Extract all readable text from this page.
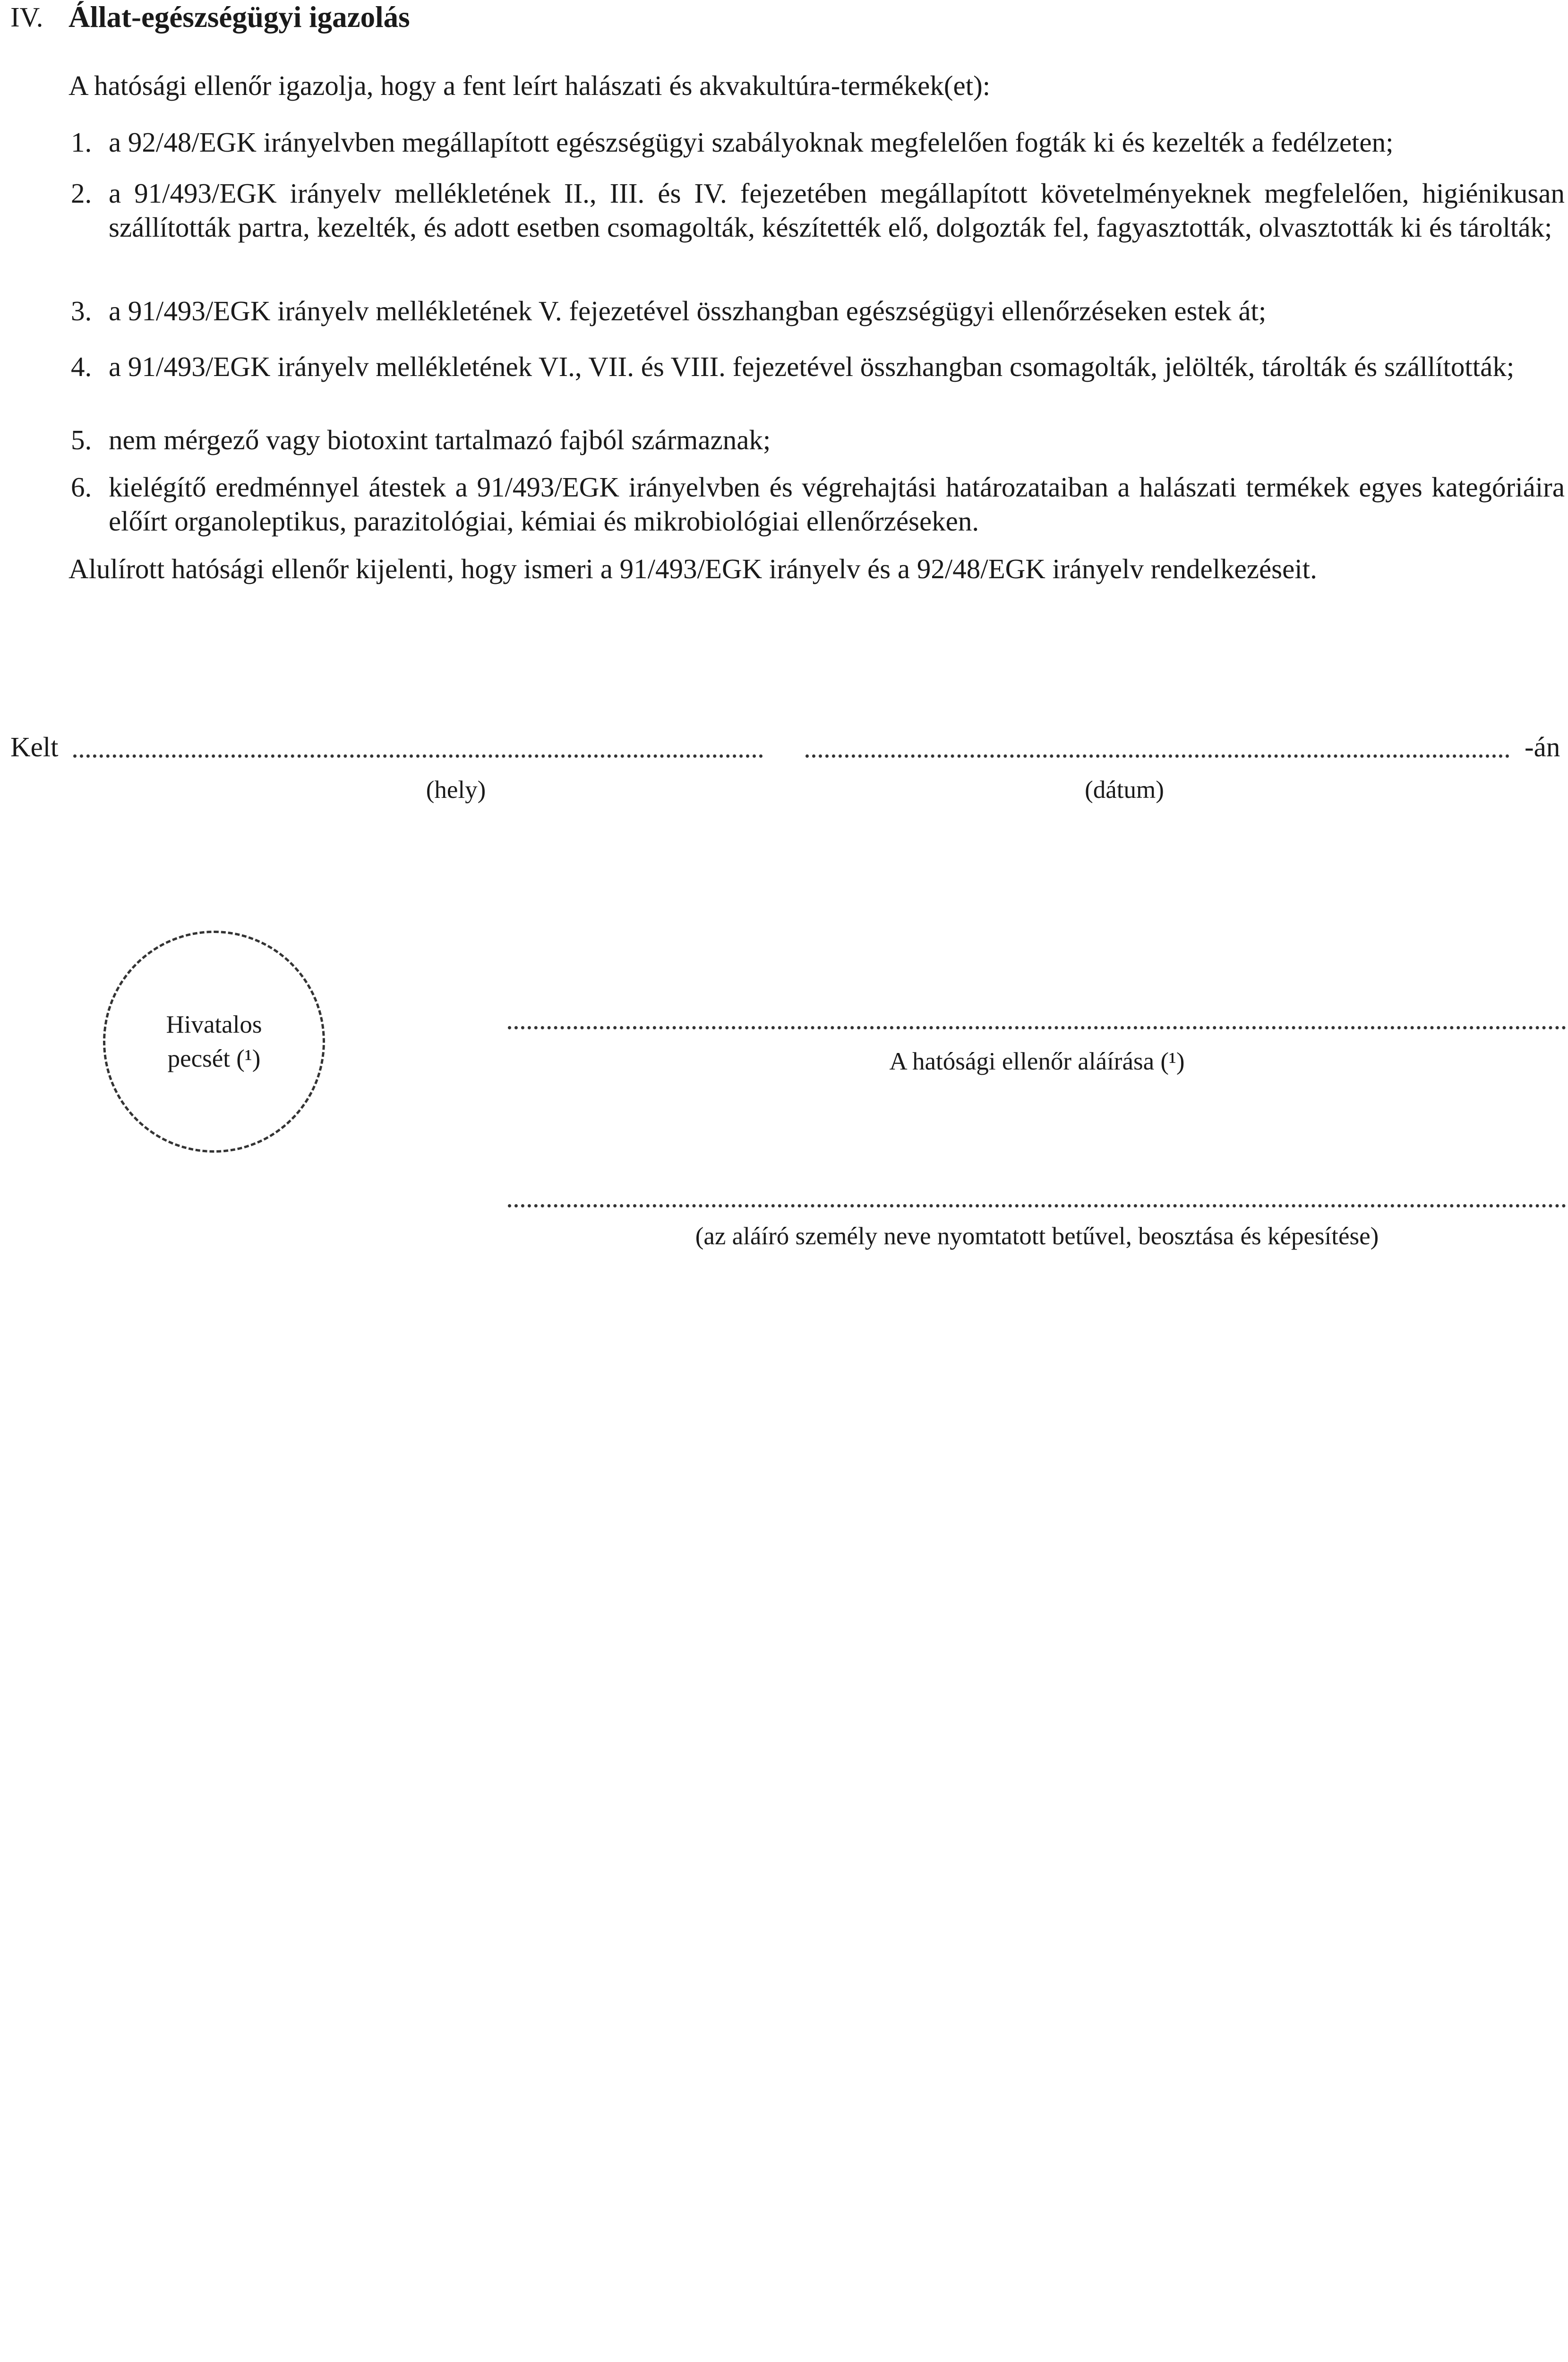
IV. Állat-egészségügyi igazolás
A hatósági ellenőr igazolja, hogy a fent leírt halászati és akvakultúra-termékek(et):
1. a 92/48/EGK irányelvben megállapított egészségügyi szabályoknak megfelelően fogták ki és kezelték a fedélzeten;
2. a 91/493/EGK irányelv mellékletének II., III. és IV. fejezetében megállapított követelményeknek megfelelően, higiénikusan szállították partra, kezelték, és adott esetben csomagolták, készítették elő, dolgozták fel, fagyasztották, olvasztották ki és tárolták;
3. a 91/493/EGK irányelv mellékletének V. fejezetével összhangban egészségügyi ellenőrzéseken estek át;
4. a 91/493/EGK irányelv mellékletének VI., VII. és VIII. fejezetével összhangban csomagolták, jelölték, tárolták és szállították;
5. nem mérgező vagy biotoxint tartalmazó fajból származnak;
6. kielégítő eredménnyel átestek a 91/493/EGK irányelvben és végrehajtási határozataiban a halászati termékek egyes kategóriáira előírt organoleptikus, parazitológiai, kémiai és mikrobiológiai ellenőrzéseken.
Alulírott hatósági ellenőr kijelenti, hogy ismeri a 91/493/EGK irányelv és a 92/48/EGK irányelv rendelkezéseit.
Kelt	-án
(hely)	(dátum)
Hivatalos
pecsét (¹)	A hatósági ellenőr aláírása (¹)
(az aláíró személy neve nyomtatott betűvel, beosztása és képesítése)
